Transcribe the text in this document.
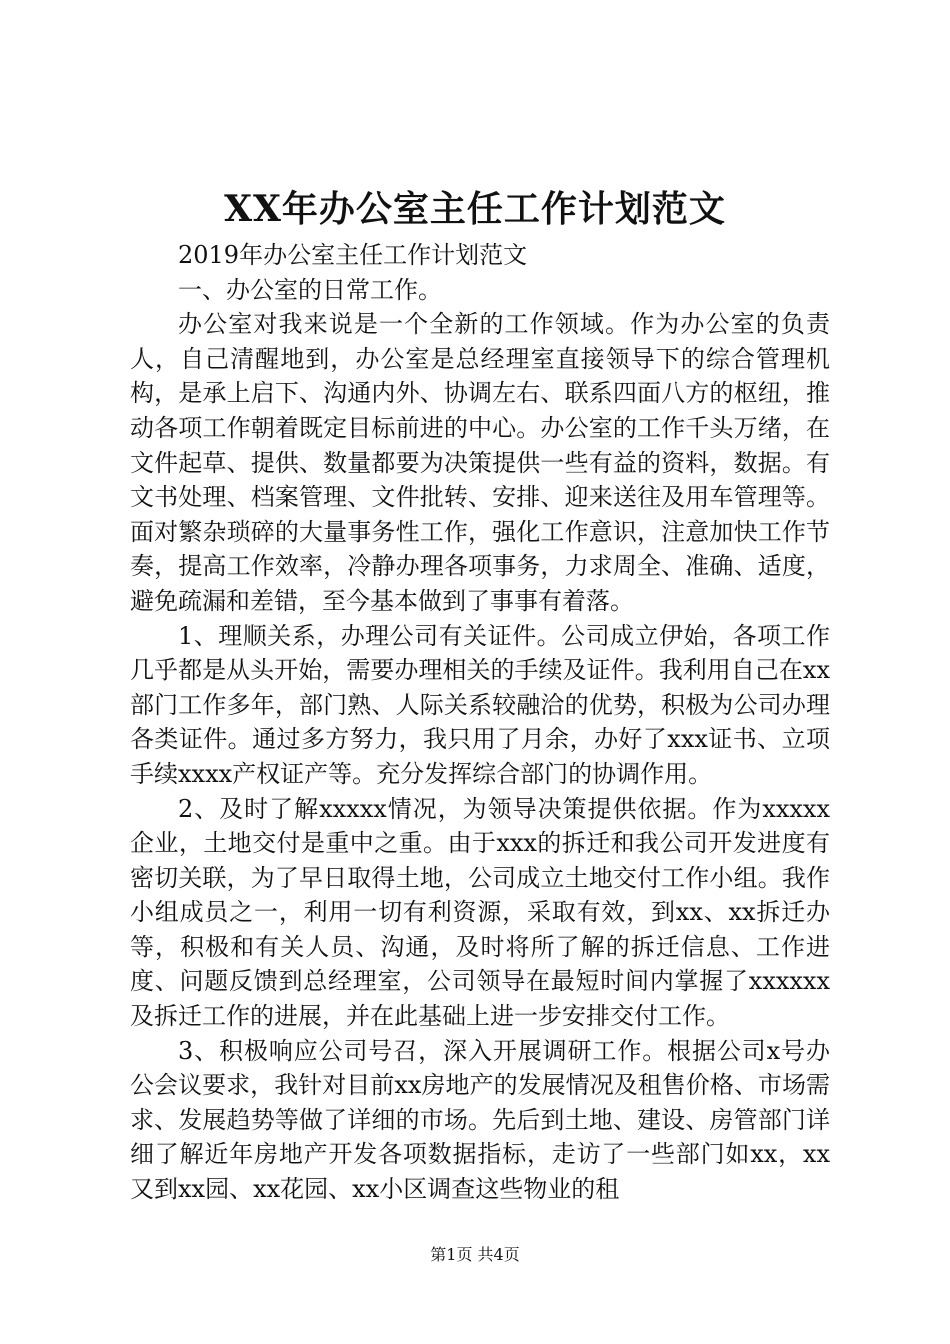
XX年办公室主任工作计划范文

2019年办公室主任工作计划范文

一、办公室的日常工作。

办公室对我来说是一个全新的工作领域。作为办公室的负责人，自己清醒地到，办公室是总经理室直接领导下的综合管理机构，是承上启下、沟通内外、协调左右、联系四面八方的枢纽，推动各项工作朝着既定目标前进的中心。办公室的工作千头万绪，在文件起草、提供、数量都要为决策提供一些有益的资料，数据。有文书处理、档案管理、文件批转、安排、迎来送往及用车管理等。面对繁杂琐碎的大量事务性工作，强化工作意识，注意加快工作节奏，提高工作效率，冷静办理各项事务，力求周全、准确、适度，避免疏漏和差错，至今基本做到了事事有着落。

1、理顺关系，办理公司有关证件。公司成立伊始，各项工作几乎都是从头开始，需要办理相关的手续及证件。我利用自己在xx部门工作多年，部门熟、人际关系较融洽的优势，积极为公司办理各类证件。通过多方努力，我只用了月余，办好了xxx证书、立项手续xxxx产权证产等。充分发挥综合部门的协调作用。

2、及时了解xxxxx情况，为领导决策提供依据。作为xxxxx企业，土地交付是重中之重。由于xxx的拆迁和我公司开发进度有密切关联，为了早日取得土地，公司成立土地交付工作小组。我作小组成员之一，利用一切有利资源，采取有效，到xx、xx拆迁办等，积极和有关人员、沟通，及时将所了解的拆迁信息、工作进度、问题反馈到总经理室，公司领导在最短时间内掌握了xxxxxx及拆迁工作的进展，并在此基础上进一步安排交付工作。

3、积极响应公司号召，深入开展调研工作。根据公司x号办公会议要求，我针对目前xx房地产的发展情况及租售价格、市场需求、发展趋势等做了详细的市场。先后到土地、建设、房管部门详细了解近年房地产开发各项数据指标，走访了一些部门如xx，xx又到xx园、xx花园、xx小区调查这些物业的租

第1页 共4页
